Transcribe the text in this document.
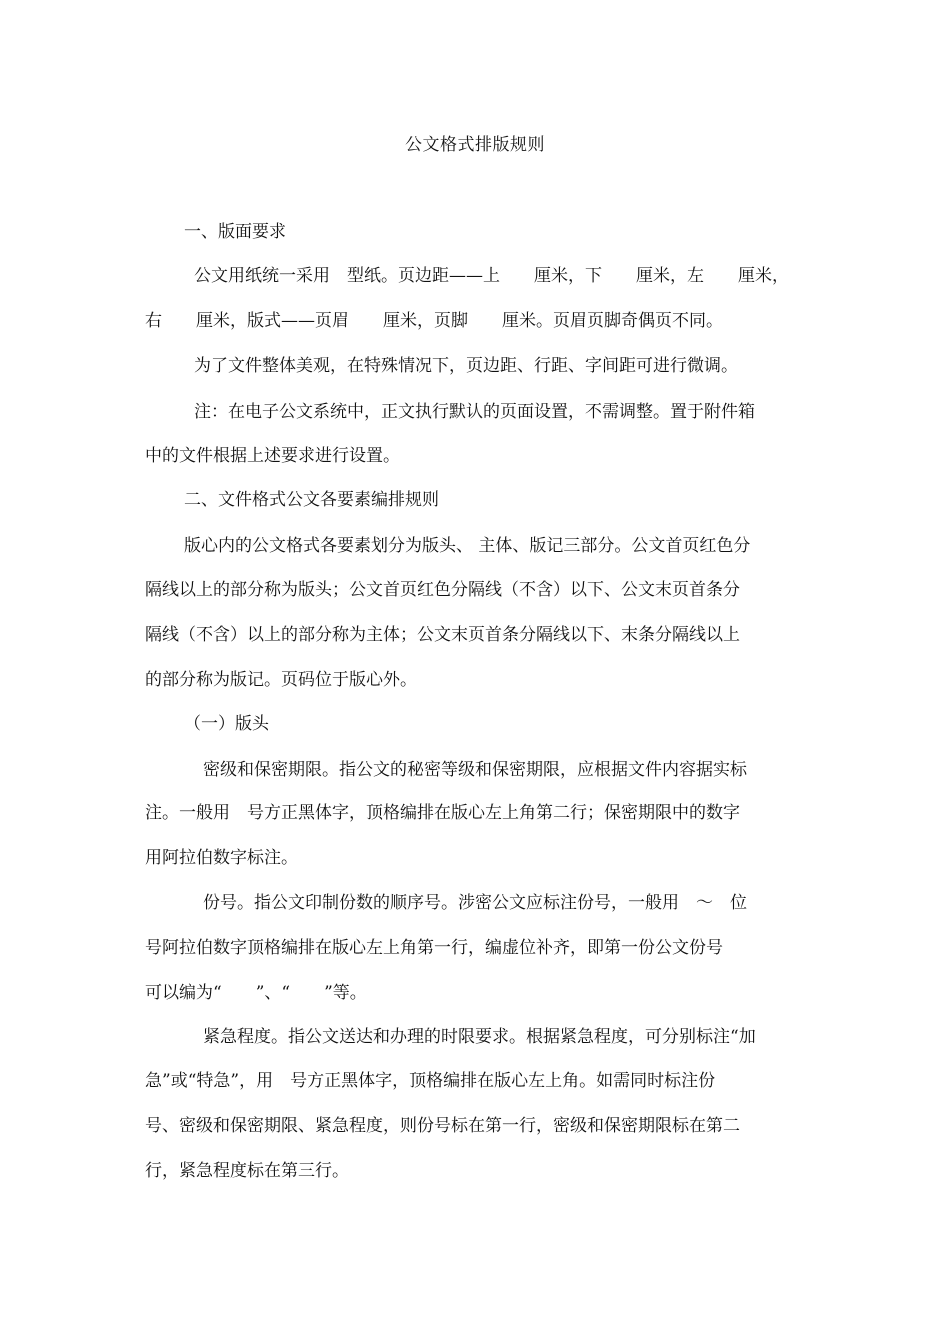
公文格式排版规则
一、版面要求
公文用纸统一采用　型纸。页边距——上　　厘米，下　　厘米，左　　厘米，
右　　厘米，版式——页眉　　厘米，页脚　　厘米。页眉页脚奇偶页不同。
为了文件整体美观，在特殊情况下，页边距、行距、字间距可进行微调。
注：在电子公文系统中，正文执行默认的页面设置，不需调整。置于附件箱
中的文件根据上述要求进行设置。
二、文件格式公文各要素编排规则
版心内的公文格式各要素划分为版头、 主体、版记三部分。公文首页红色分
隔线以上的部分称为版头；公文首页红色分隔线（不含）以下、公文末页首条分
隔线（不含）以上的部分称为主体；公文末页首条分隔线以下、末条分隔线以上
的部分称为版记。页码位于版心外。
（一）版头
密级和保密期限。指公文的秘密等级和保密期限，应根据文件内容据实标
注。一般用　号方正黑体字，顶格编排在版心左上角第二行；保密期限中的数字
用阿拉伯数字标注。
份号。指公文印制份数的顺序号。涉密公文应标注份号，一般用　～　位
号阿拉伯数字顶格编排在版心左上角第一行，编虚位补齐，即第一份公文份号
可以编为“　　”、“　　”等。
紧急程度。指公文送达和办理的时限要求。根据紧急程度，可分别标注“加
急”或“特急”，用　号方正黑体字，顶格编排在版心左上角。如需同时标注份
号、密级和保密期限、紧急程度，则份号标在第一行，密级和保密期限标在第二
行，紧急程度标在第三行。
